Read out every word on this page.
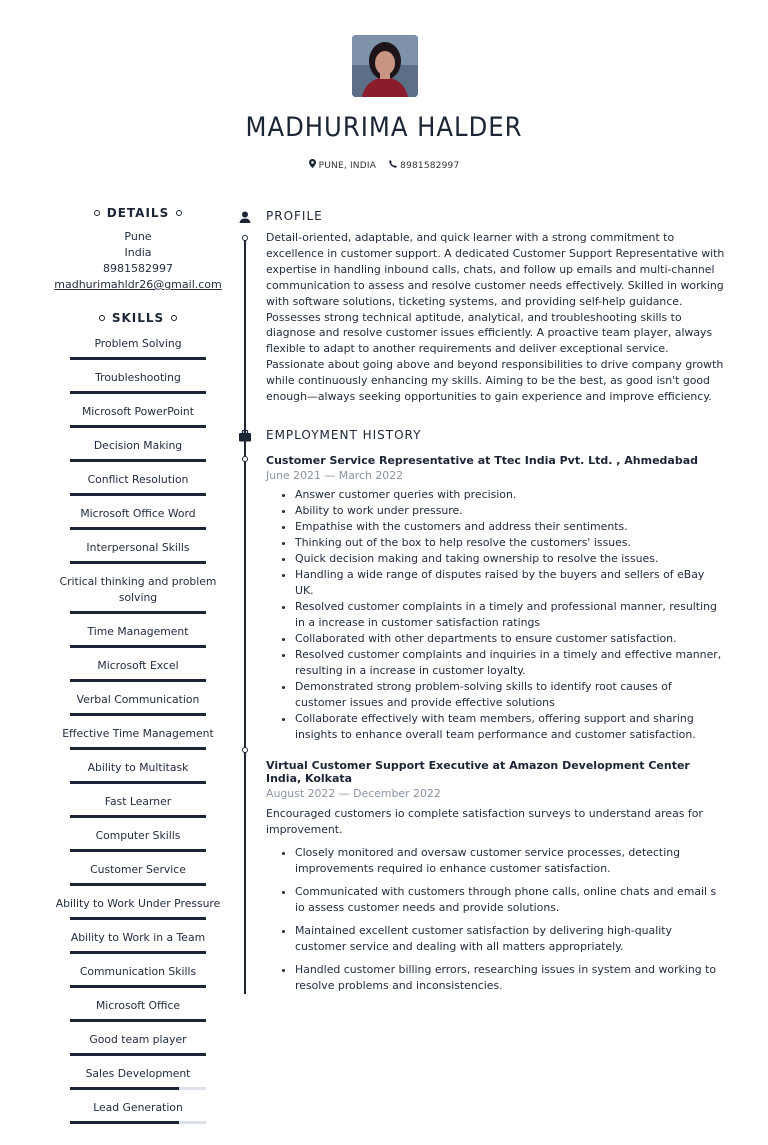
MADHURIMA HALDER
PUNE, INDIA	8981582997
DETAILS
Pune
India
8981582997
madhurimahldr26@gmail.com
SKILLS
Problem Solving
Troubleshooting
Microsoft PowerPoint
Decision Making
Conflict Resolution
Microsoft Office Word
Interpersonal Skills
Critical thinking and problem solving
Time Management
Microsoft Excel
Verbal Communication
Effective Time Management
Ability to Multitask
Fast Learner
Computer Skills
Customer Service
Ability to Work Under Pressure
Ability to Work in a Team
Communication Skills
Microsoft Office
Good team player
Sales Development
Lead Generation
PROFILE

Detail-oriented, adaptable, and quick learner with a strong commitment to excellence in customer support. A dedicated Customer Support Representative with expertise in handling inbound calls, chats, and follow up emails and multi-channel communication to assess and resolve customer needs effectively. Skilled in working with software solutions, ticketing systems, and providing self-help guidance. Possesses strong technical aptitude, analytical, and troubleshooting skills to diagnose and resolve customer issues efficiently. A proactive team player, always flexible to adapt to another requirements and deliver exceptional service. Passionate about going above and beyond responsibilities to drive company growth while continuously enhancing my skills. Aiming to be the best, as good isn't good enough—always seeking opportunities to gain experience and improve efficiency.

EMPLOYMENT HISTORY

Customer Service Representative at Ttec India Pvt. Ltd. , Ahmedabad

June 2021 — March 2022

• Answer customer queries with precision.
• Ability to work under pressure.
• Empathise with the customers and address their sentiments.
• Thinking out of the box to help resolve the customers' issues.
• Quick decision making and taking ownership to resolve the issues.
• Handling a wide range of disputes raised by the buyers and sellers of eBay UK.
• Resolved customer complaints in a timely and professional manner, resulting in a increase in customer satisfaction ratings
• Collaborated with other departments to ensure customer satisfaction.
• Resolved customer complaints and inquiries in a timely and effective manner, resulting in a increase in customer loyalty.
• Demonstrated strong problem-solving skills to identify root causes of customer issues and provide effective solutions
• Collaborate effectively with team members, offering support and sharing insights to enhance overall team performance and customer satisfaction.

Virtual Customer Support Executive at Amazon Development Center India, Kolkata

August 2022 — December 2022

Encouraged customers io complete satisfaction surveys to understand areas for improvement.

• Closely monitored and oversaw customer service processes, detecting improvements required io enhance customer satisfaction.
• Communicated with customers through phone calls, online chats and email s io assess customer needs and provide solutions.
• Maintained excellent customer satisfaction by delivering high-quality customer service and dealing with all matters appropriately.
• Handled customer billing errors, researching issues in system and working to resolve problems and inconsistencies.
